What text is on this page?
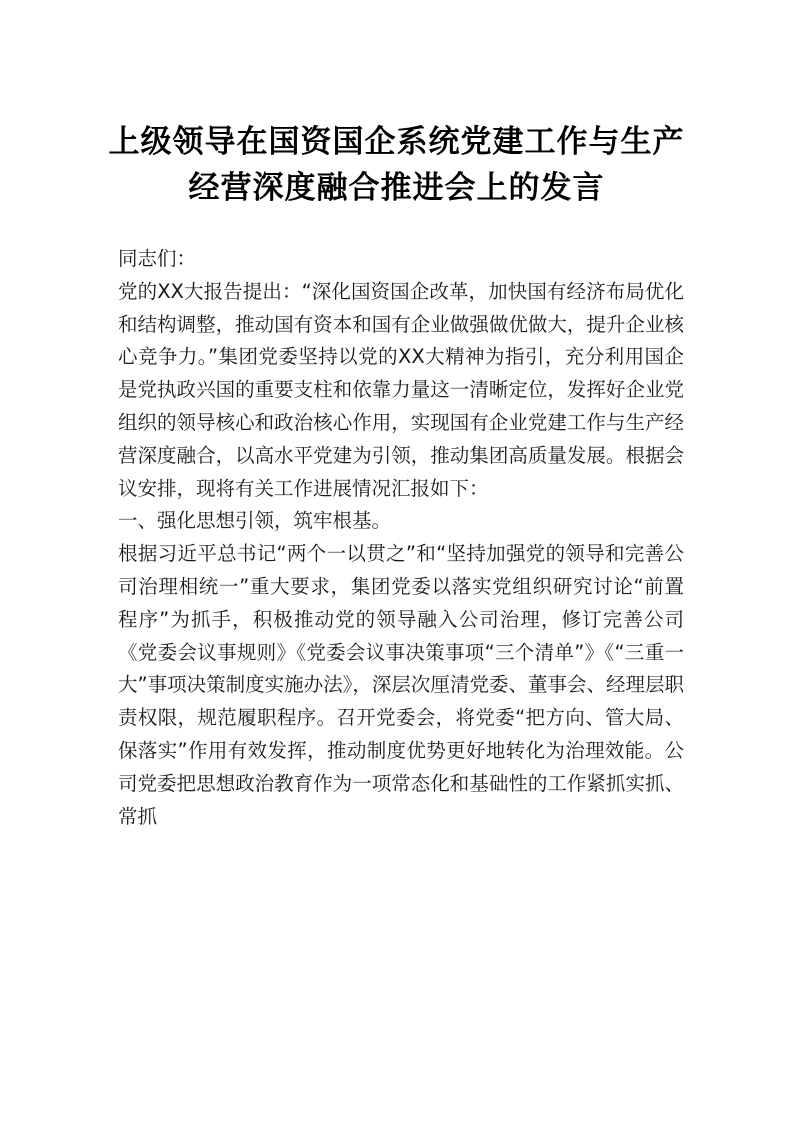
上级领导在国资国企系统党建工作与生产
经营深度融合推进会上的发言

同志们：

党的XX大报告提出：“深化国资国企改革，加快国有经济布局优化和结构调整，推动国有资本和国有企业做强做优做大，提升企业核心竞争力。”集团党委坚持以党的XX大精神为指引，充分利用国企是党执政兴国的重要支柱和依靠力量这一清晰定位，发挥好企业党组织的领导核心和政治核心作用，实现国有企业党建工作与生产经营深度融合，以高水平党建为引领，推动集团高质量发展。根据会议安排，现将有关工作进展情况汇报如下：

一、强化思想引领，筑牢根基。

根据习近平总书记“两个一以贯之”和“坚持加强党的领导和完善公司治理相统一”重大要求，集团党委以落实党组织研究讨论“前置程序”为抓手，积极推动党的领导融入公司治理，修订完善公司《党委会议事规则》《党委会议事决策事项“三个清单”》《“三重一大”事项决策制度实施办法》，深层次厘清党委、董事会、经理层职责权限，规范履职程序。召开党委会，将党委“把方向、管大局、保落实”作用有效发挥，推动制度优势更好地转化为治理效能。公司党委把思想政治教育作为一项常态化和基础性的工作紧抓实抓、常抓
